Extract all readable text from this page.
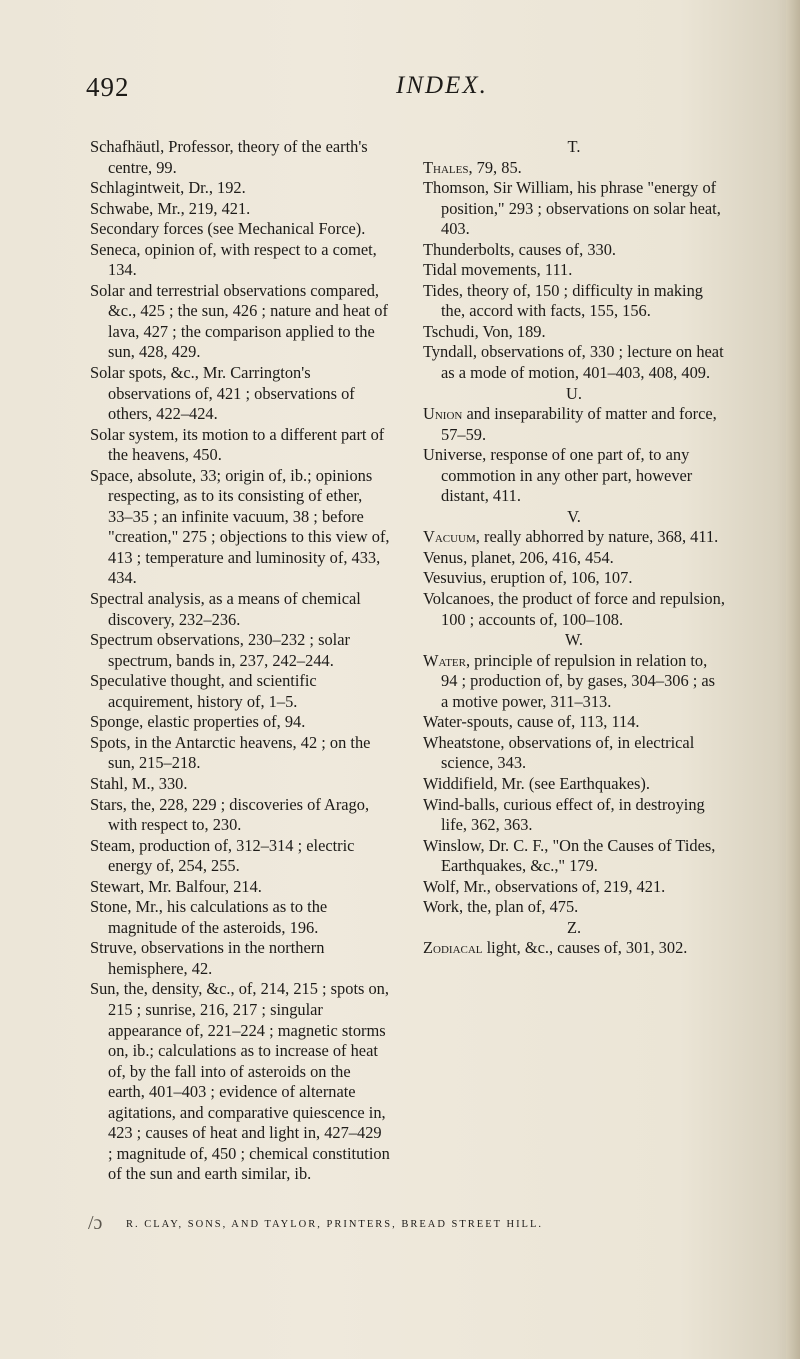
492	INDEX.

Schafhäutl, Professor, theory of the earth's centre, 99.

Schlagintweit, Dr., 192.

Schwabe, Mr., 219, 421.

Secondary forces (see Mechanical Force).

Seneca, opinion of, with respect to a comet, 134.

Solar and terrestrial observations compared, &c., 425 ; the sun, 426 ; nature and heat of lava, 427 ; the comparison applied to the sun, 428, 429.

Solar spots, &c., Mr. Carrington's observations of, 421 ; observations of others, 422–424.

Solar system, its motion to a different part of the heavens, 450.

Space, absolute, 33; origin of, ib.; opinions respecting, as to its consisting of ether, 33–35 ; an infinite vacuum, 38 ; before "creation," 275 ; objections to this view of, 413 ; temperature and luminosity of, 433, 434.

Spectral analysis, as a means of chemical discovery, 232–236.

Spectrum observations, 230–232 ; solar spectrum, bands in, 237, 242–244.

Speculative thought, and scientific acquirement, history of, 1–5.

Sponge, elastic properties of, 94.

Spots, in the Antarctic heavens, 42 ; on the sun, 215–218.

Stahl, M., 330.

Stars, the, 228, 229 ; discoveries of Arago, with respect to, 230.

Steam, production of, 312–314 ; electric energy of, 254, 255.

Stewart, Mr. Balfour, 214.

Stone, Mr., his calculations as to the magnitude of the asteroids, 196.

Struve, observations in the northern hemisphere, 42.

Sun, the, density, &c., of, 214, 215 ; spots on, 215 ; sunrise, 216, 217 ; singular appearance of, 221–224 ; magnetic storms on, ib.; calculations as to increase of heat of, by the fall into of asteroids on the earth, 401–403 ; evidence of alternate agitations, and comparative quiescence in, 423 ; causes of heat and light in, 427–429 ; magnitude of, 450 ; chemical constitution of the sun and earth similar, ib.

T.

Thales, 79, 85.

Thomson, Sir William, his phrase "energy of position," 293 ; observations on solar heat, 403.

Thunderbolts, causes of, 330.

Tidal movements, 111.

Tides, theory of, 150 ; difficulty in making the, accord with facts, 155, 156.

Tschudi, Von, 189.

Tyndall, observations of, 330 ; lecture on heat as a mode of motion, 401–403, 408, 409.

U.

Union and inseparability of matter and force, 57–59.

Universe, response of one part of, to any commotion in any other part, however distant, 411.

V.

Vacuum, really abhorred by nature, 368, 411.

Venus, planet, 206, 416, 454.

Vesuvius, eruption of, 106, 107.

Volcanoes, the product of force and repulsion, 100 ; accounts of, 100–108.

W.

Water, principle of repulsion in relation to, 94 ; production of, by gases, 304–306 ; as a motive power, 311–313.

Water-spouts, cause of, 113, 114.

Wheatstone, observations of, in electrical science, 343.

Widdifield, Mr. (see Earthquakes).

Wind-balls, curious effect of, in destroying life, 362, 363.

Winslow, Dr. C. F., "On the Causes of Tides, Earthquakes, &c.," 179.

Wolf, Mr., observations of, 219, 421.

Work, the, plan of, 475.

Z.

Zodiacal light, &c., causes of, 301, 302.

/ɔ	R. CLAY, SONS, AND TAYLOR, PRINTERS, BREAD STREET HILL.
